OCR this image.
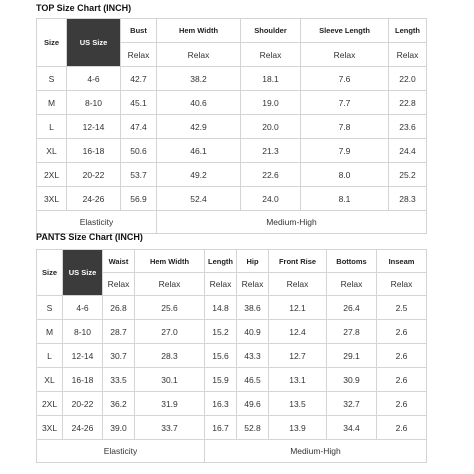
TOP Size Chart (INCH)
Size	US Size	Bust	Hem Width	Shoulder	Sleeve Length	Length
		Relax	Relax	Relax	Relax	Relax
S	4-6	42.7	38.2	18.1	7.6	22.0
M	8-10	45.1	40.6	19.0	7.7	22.8
L	12-14	47.4	42.9	20.0	7.8	23.6
XL	16-18	50.6	46.1	21.3	7.9	24.4
2XL	20-22	53.7	49.2	22.6	8.0	25.2
3XL	24-26	56.9	52.4	24.0	8.1	28.3
Elasticity			Medium-High			
PANTS Size Chart (INCH)
Size	US Size	Waist	Hem Width	Length	Hip	Front Rise	Bottoms	Inseam
		Relax	Relax	Relax	Relax	Relax	Relax	Relax
S	4-6	26.8	25.6	14.8	38.6	12.1	26.4	2.5
M	8-10	28.7	27.0	15.2	40.9	12.4	27.8	2.6
L	12-14	30.7	28.3	15.6	43.3	12.7	29.1	2.6
XL	16-18	33.5	30.1	15.9	46.5	13.1	30.9	2.6
2XL	20-22	36.2	31.9	16.3	49.6	13.5	32.7	2.6
3XL	24-26	39.0	33.7	16.7	52.8	13.9	34.4	2.6
Elasticity				Medium-High				
